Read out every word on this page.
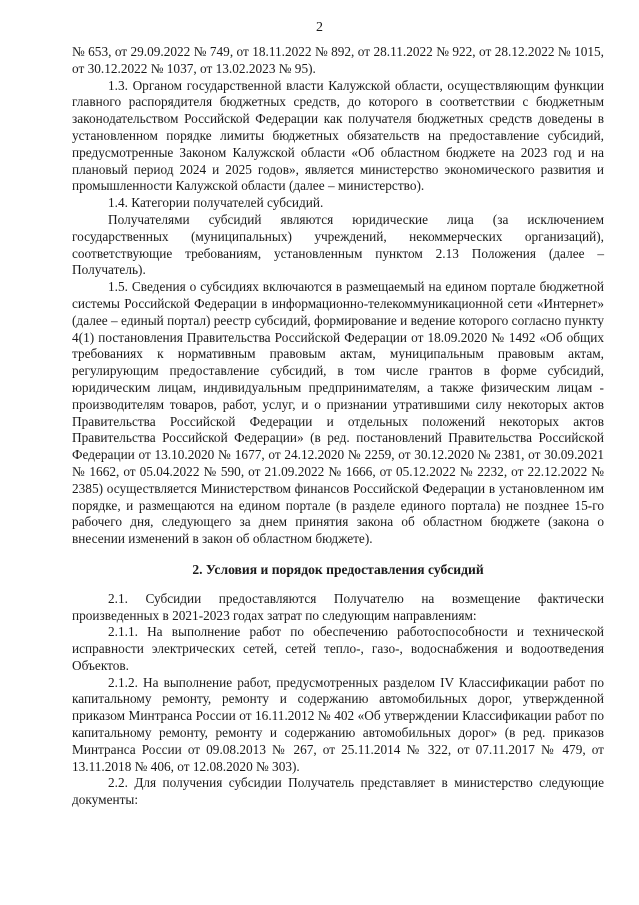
2

№ 653, от 29.09.2022 № 749, от 18.11.2022 № 892, от 28.11.2022 № 922, от 28.12.2022 № 1015, от 30.12.2022 № 1037, от 13.02.2023 № 95).

1.3. Органом государственной власти Калужской области, осуществляющим функции главного распорядителя бюджетных средств, до которого в соответствии с бюджетным законодательством Российской Федерации как получателя бюджетных средств доведены в установленном порядке лимиты бюджетных обязательств на предоставление субсидий, предусмотренные Законом Калужской области «Об областном бюджете на 2023 год и на плановый период 2024 и 2025 годов», является министерство экономического развития и промышленности Калужской области (далее – министерство).

1.4. Категории получателей субсидий.

Получателями субсидий являются юридические лица (за исключением государственных (муниципальных) учреждений, некоммерческих организаций), соответствующие требованиям, установленным пунктом 2.13 Положения (далее – Получатель).

1.5. Сведения о субсидиях включаются в размещаемый на едином портале бюджетной системы Российской Федерации в информационно-телекоммуникационной сети «Интернет» (далее – единый портал) реестр субсидий, формирование и ведение которого согласно пункту 4(1) постановления Правительства Российской Федерации от 18.09.2020 № 1492 «Об общих требованиях к нормативным правовым актам, муниципальным правовым актам, регулирующим предоставление субсидий, в том числе грантов в форме субсидий, юридическим лицам, индивидуальным предпринимателям, а также физическим лицам - производителям товаров, работ, услуг, и о признании утратившими силу некоторых актов Правительства Российской Федерации и отдельных положений некоторых актов Правительства Российской Федерации» (в ред. постановлений Правительства Российской Федерации от 13.10.2020 № 1677, от 24.12.2020 № 2259, от 30.12.2020 № 2381, от 30.09.2021 № 1662, от 05.04.2022 № 590, от 21.09.2022 № 1666, от 05.12.2022 № 2232, от 22.12.2022 № 2385) осуществляется Министерством финансов Российской Федерации в установленном им порядке, и размещаются на едином портале (в разделе единого портала) не позднее 15-го рабочего дня, следующего за днем принятия закона об областном бюджете (закона о внесении изменений в закон об областном бюджете).

2. Условия и порядок предоставления субсидий

2.1. Субсидии предоставляются Получателю на возмещение фактически произведенных в 2021-2023 годах затрат по следующим направлениям:

2.1.1. На выполнение работ по обеспечению работоспособности и технической исправности электрических сетей, сетей тепло-, газо-, водоснабжения и водоотведения Объектов.

2.1.2. На выполнение работ, предусмотренных разделом IV Классификации работ по капитальному ремонту, ремонту и содержанию автомобильных дорог, утвержденной приказом Минтранса России от 16.11.2012 № 402 «Об утверждении Классификации работ по капитальному ремонту, ремонту и содержанию автомобильных дорог» (в ред. приказов Минтранса России от 09.08.2013 № 267, от 25.11.2014 № 322, от 07.11.2017 № 479, от 13.11.2018 № 406, от 12.08.2020 № 303).

2.2. Для получения субсидии Получатель представляет в министерство следующие документы:
